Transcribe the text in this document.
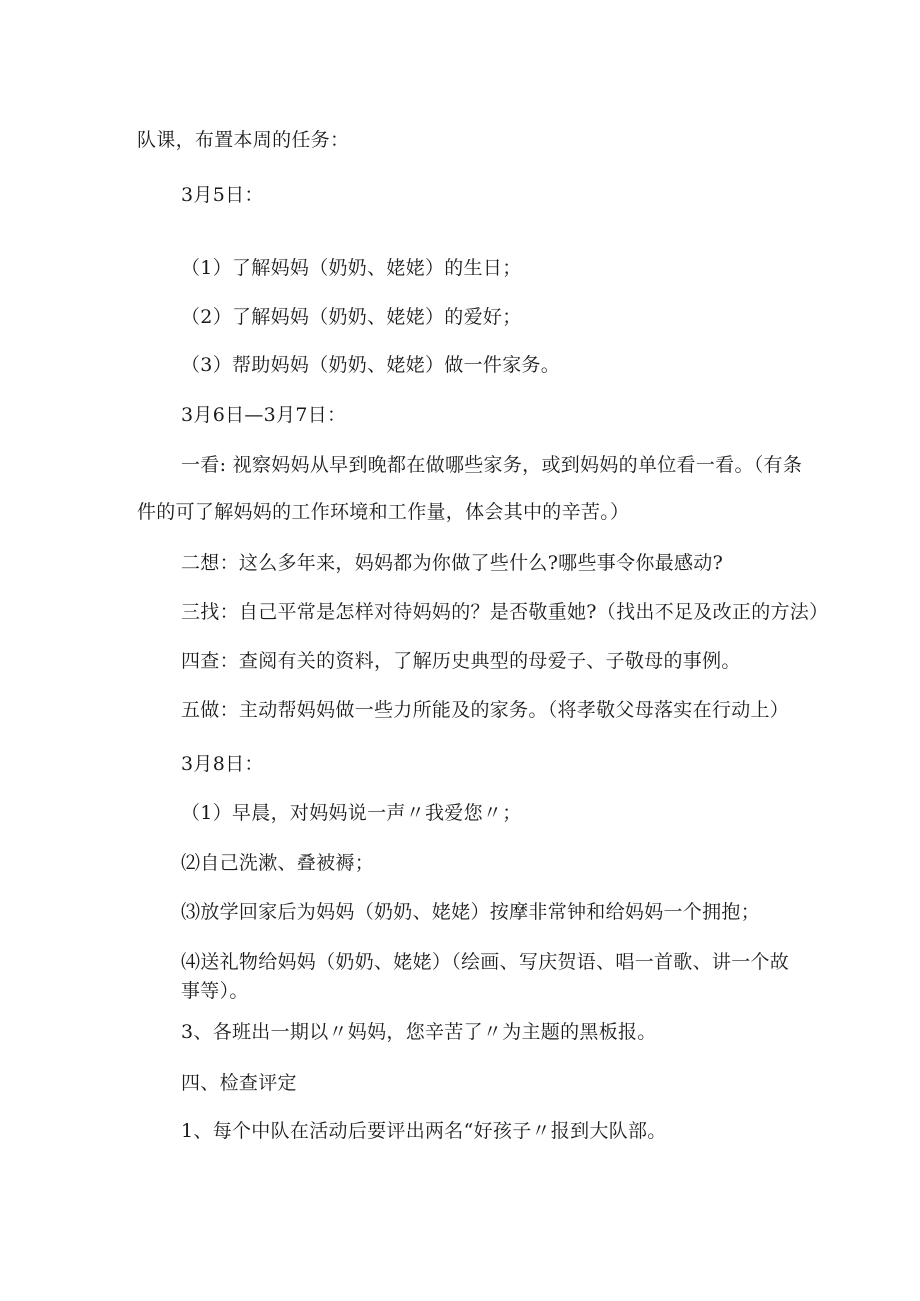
队课，布置本周的任务：
3月5日：
（1）了解妈妈（奶奶、姥姥）的生日；
（2）了解妈妈（奶奶、姥姥）的爱好；
（3）帮助妈妈（奶奶、姥姥）做一件家务。
3月6日—3月7日：
一看: 视察妈妈从早到晚都在做哪些家务，或到妈妈的单位看一看。（有条
件的可了解妈妈的工作环境和工作量，体会其中的辛苦。）
二想：这么多年来，妈妈都为你做了些什么?哪些事令你最感动?
三找：自己平常是怎样对待妈妈的？是否敬重她?（找出不足及改正的方法）
四查：查阅有关的资料，了解历史典型的母爱子、子敬母的事例。
五做：主动帮妈妈做一些力所能及的家务。（将孝敬父母落实在行动上）
3月8日：
（1）早晨，对妈妈说一声〃我爱您〃；
⑵自己洗漱、叠被褥；
⑶放学回家后为妈妈（奶奶、姥姥）按摩非常钟和给妈妈一个拥抱；
⑷送礼物给妈妈（奶奶、姥姥）（绘画、写庆贺语、唱一首歌、讲一个故事等）。
3、各班出一期以〃妈妈，您辛苦了〃为主题的黑板报。
四、检查评定
1、每个中队在活动后要评出两名“好孩子〃报到大队部。
